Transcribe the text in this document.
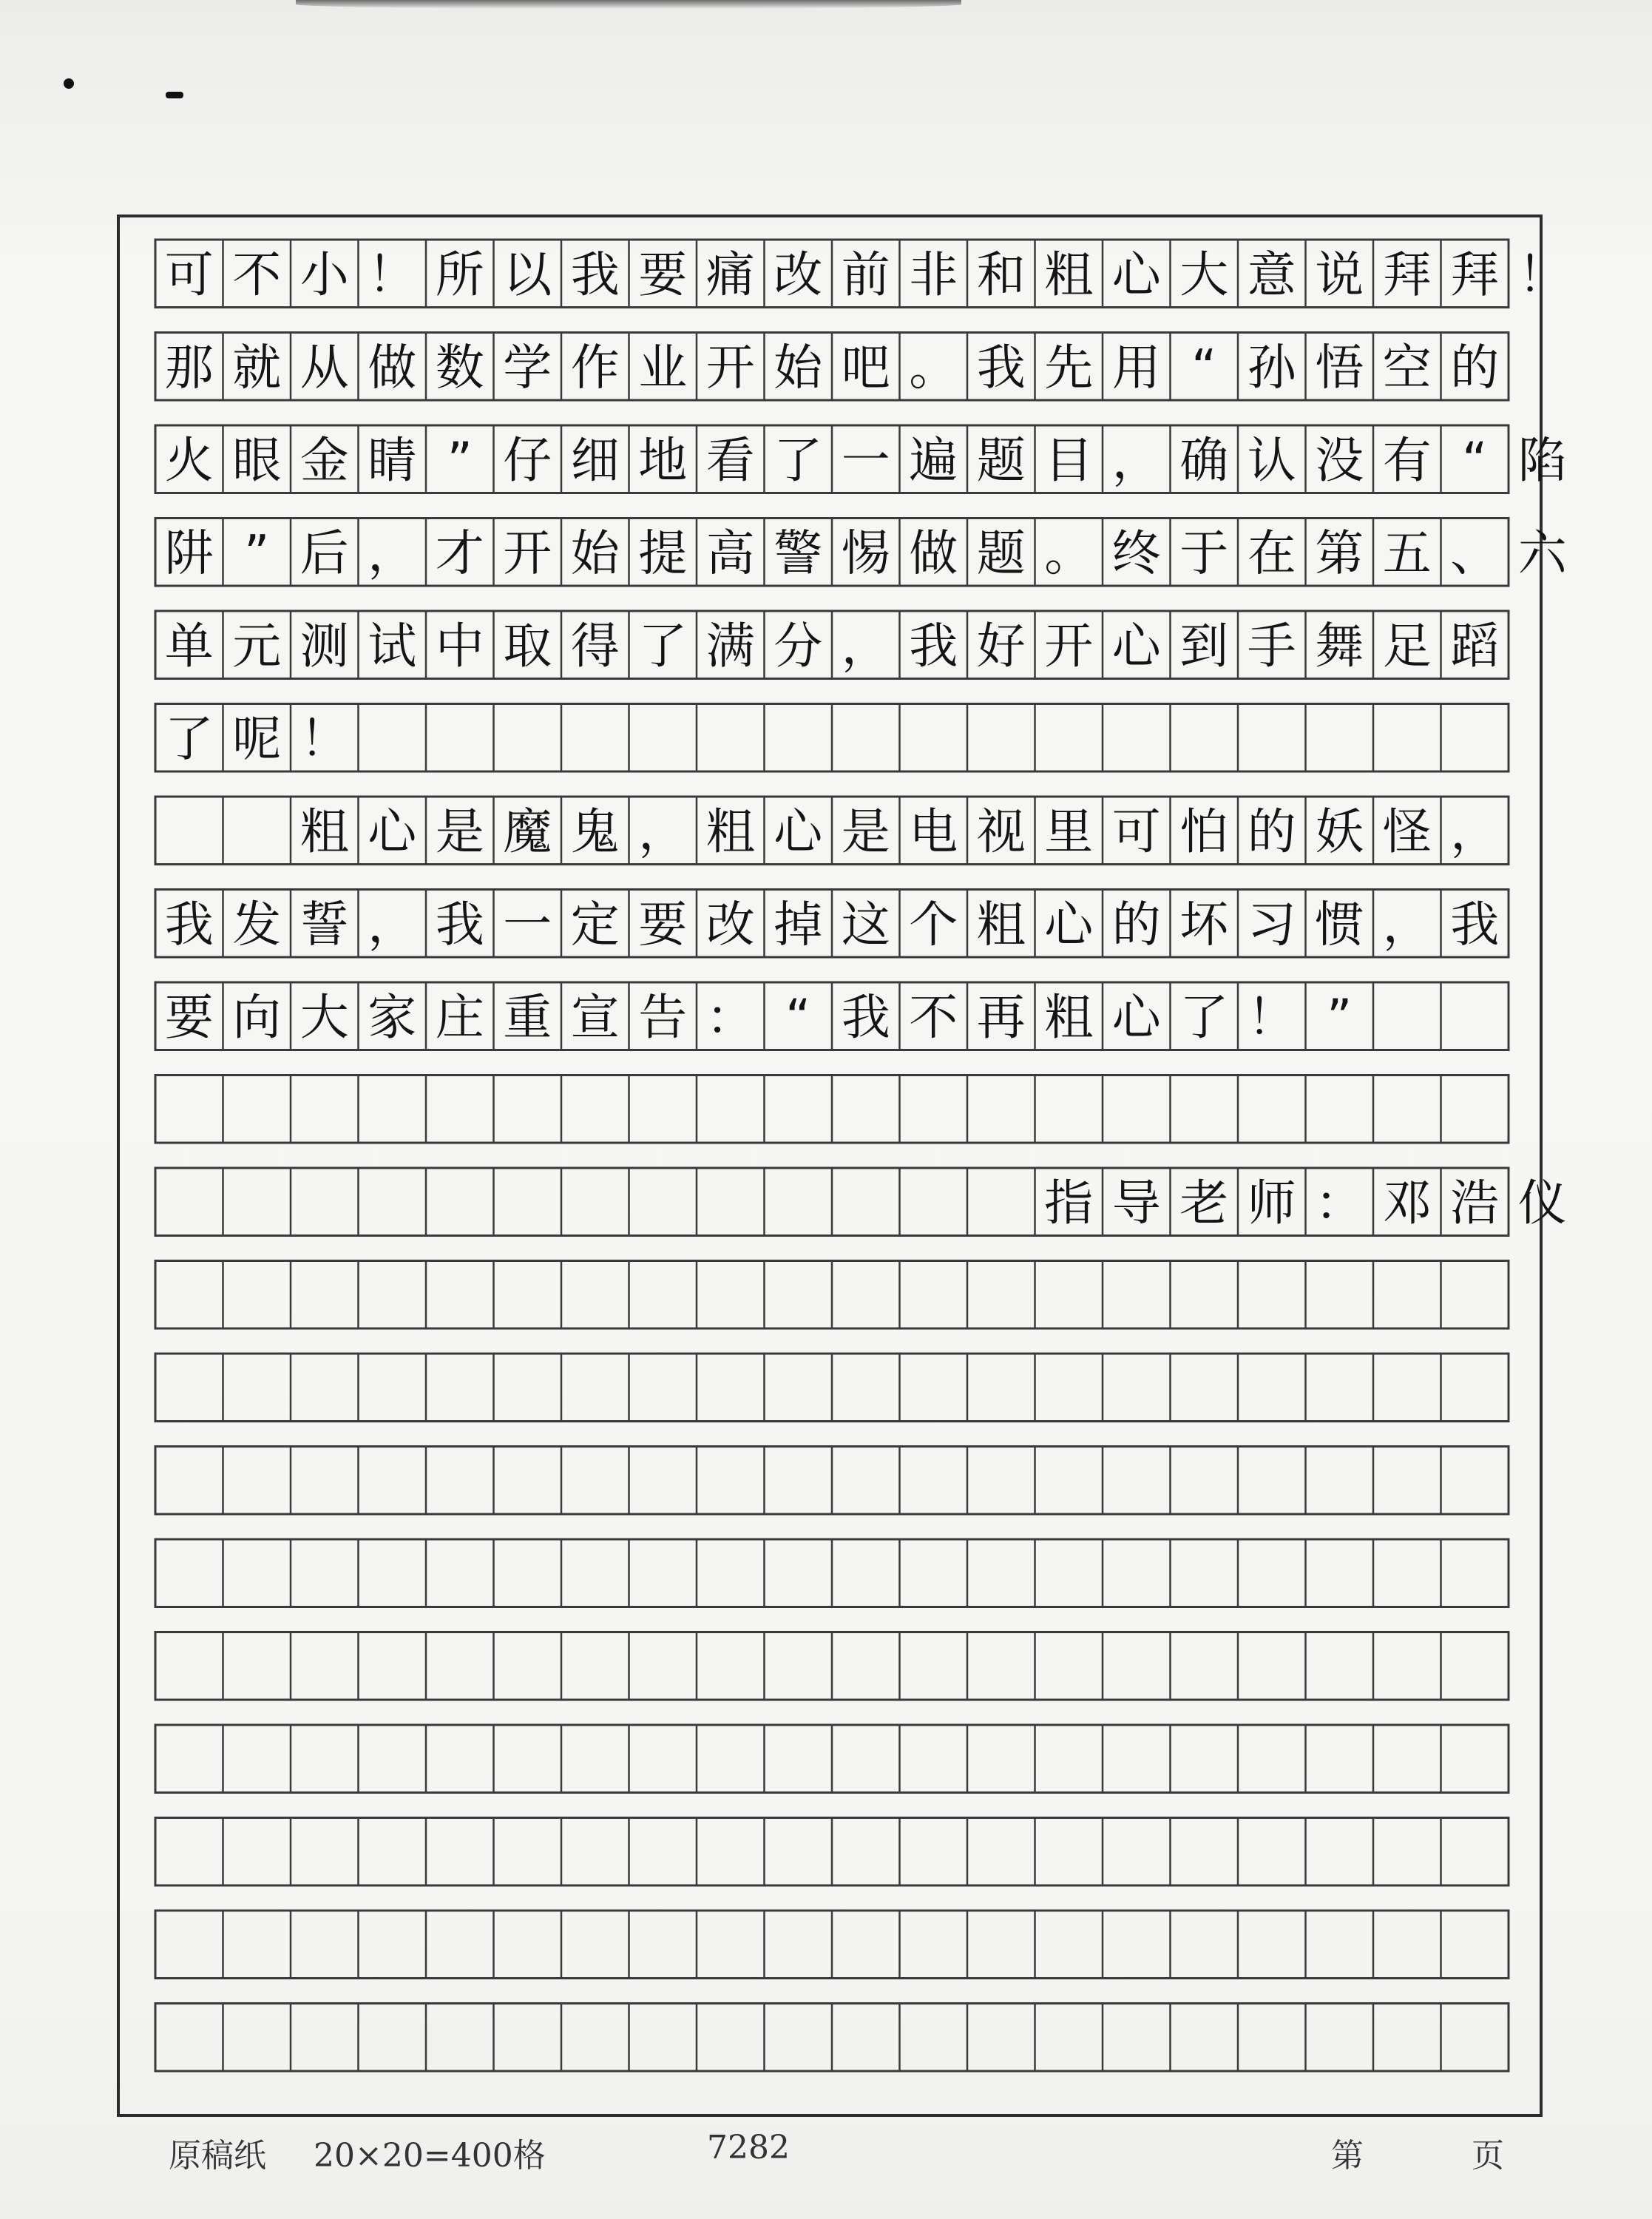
可不小！所以我要痛改前非和粗心大意说拜拜！
那就从做数学作业开始吧。我先用“孙悟空的
火眼金睛”仔细地看了一遍题目，确认没有“陷
阱”后，才开始提高警惕做题。终于在第五、六
单元测试中取得了满分，我好开心到手舞足蹈
了呢！
　　粗心是魔鬼，粗心是电视里可怕的妖怪，
我发誓，我一定要改掉这个粗心的坏习惯，我
要向大家庄重宣告：“我不再粗心了！”
　　　　　　　　　　　　　指导老师：邓浩仪
原稿纸 20×20=400格	7282	第	页
